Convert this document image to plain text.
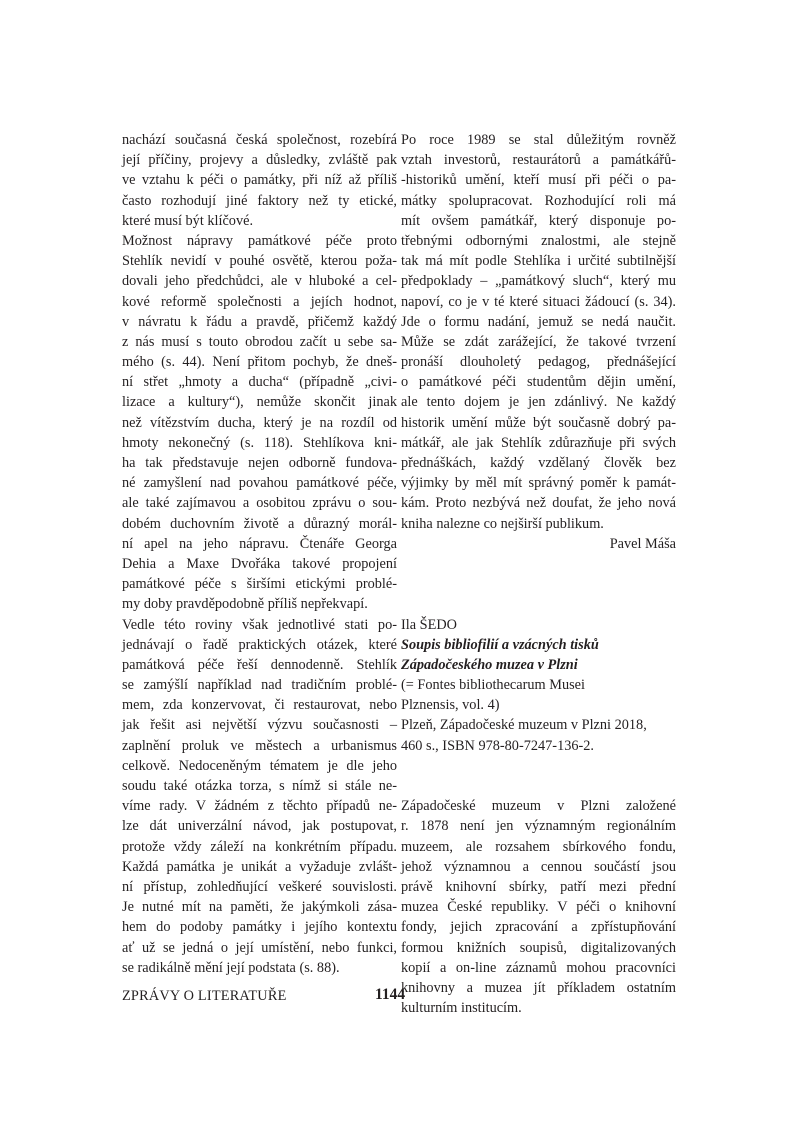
nachází současná česká společnost, rozebírá
její příčiny, projevy a důsledky, zvláště pak
ve vztahu k péči o památky, při níž až příliš
často rozhodují jiné faktory než ty etické,
které musí být klíčové.
Možnost nápravy památkové péče proto
Stehlík nevidí v pouhé osvětě, kterou poža-
dovali jeho předchůdci, ale v hluboké a cel-
kové reformě společnosti a jejích hodnot,
v návratu k řádu a pravdě, přičemž každý
z nás musí s touto obrodou začít u sebe sa-
mého (s. 44). Není přitom pochyb, že dneš-
ní střet „hmoty a ducha“ (případně „civi-
lizace a kultury“), nemůže skončit jinak
než vítězstvím ducha, který je na rozdíl od
hmoty nekonečný (s. 118). Stehlíkova kni-
ha tak představuje nejen odborně fundova-
né zamyšlení nad povahou památkové péče,
ale také zajímavou a osobitou zprávu o sou-
dobém duchovním životě a důrazný morál-
ní apel na jeho nápravu. Čtenáře Georga
Dehia a Maxe Dvořáka takové propojení
památkové péče s širšími etickými problé-
my doby pravděpodobně příliš nepřekvapí.
Vedle této roviny však jednotlivé stati po-
jednávají o řadě praktických otázek, které
památková péče řeší dennodenně. Stehlík
se zamýšlí například nad tradičním problé-
mem, zda konzervovat, či restaurovat, nebo
jak řešit asi největší výzvu současnosti –
zaplnění proluk ve městech a urbanismus
celkově. Nedoceněným tématem je dle jeho
soudu také otázka torza, s nímž si stále ne-
víme rady. V žádném z těchto případů ne-
lze dát univerzální návod, jak postupovat,
protože vždy záleží na konkrétním případu.
Každá památka je unikát a vyžaduje zvlášt-
ní přístup, zohledňující veškeré souvislosti.
Je nutné mít na paměti, že jakýmkoli zása-
hem do podoby památky i jejího kontextu
ať už se jedná o její umístění, nebo funkci,
se radikálně mění její podstata (s. 88).
Po roce 1989 se stal důležitým rovněž
vztah investorů, restaurátorů a památkářů-
-historiků umění, kteří musí při péči o pa-
mátky spolupracovat. Rozhodující roli má
mít ovšem památkář, který disponuje po-
třebnými odbornými znalostmi, ale stejně
tak má mít podle Stehlíka i určité subtilnější
předpoklady – „památkový sluch“, který mu
napoví, co je v té které situaci žádoucí (s. 34).
Jde o formu nadání, jemuž se nedá naučit.
Může se zdát zarážející, že takové tvrzení
pronáší dlouholetý pedagog, přednášející
o památkové péči studentům dějin umění,
ale tento dojem je jen zdánlivý. Ne každý
historik umění může být současně dobrý pa-
mátkář, ale jak Stehlík zdůrazňuje při svých
přednáškách, každý vzdělaný člověk bez
výjimky by měl mít správný poměr k památ-
kám. Proto nezbývá než doufat, že jeho nová
kniha nalezne co nejširší publikum.
Pavel Máša
Ila ŠEDO
Soupis bibliofilií a vzácných tisků
Západočeského muzea v Plzni
(= Fontes bibliothecarum Musei
Plznensis, vol. 4)
Plzeň, Západočeské muzeum v Plzni 2018,
460 s., ISBN 978-80-7247-136-2.
Západočeské muzeum v Plzni založené
r. 1878 není jen významným regionálním
muzeem, ale rozsahem sbírkového fondu,
jehož významnou a cennou součástí jsou
právě knihovní sbírky, patří mezi přední
muzea České republiky. V péči o knihovní
fondy, jejich zpracování a zpřístupňování
formou knižních soupisů, digitalizovaných
kopií a on-line záznamů mohou pracovníci
knihovny a muzea jít příkladem ostatním
kulturním institucím.
ZPRÁVY O LITERATUŘE	1144
